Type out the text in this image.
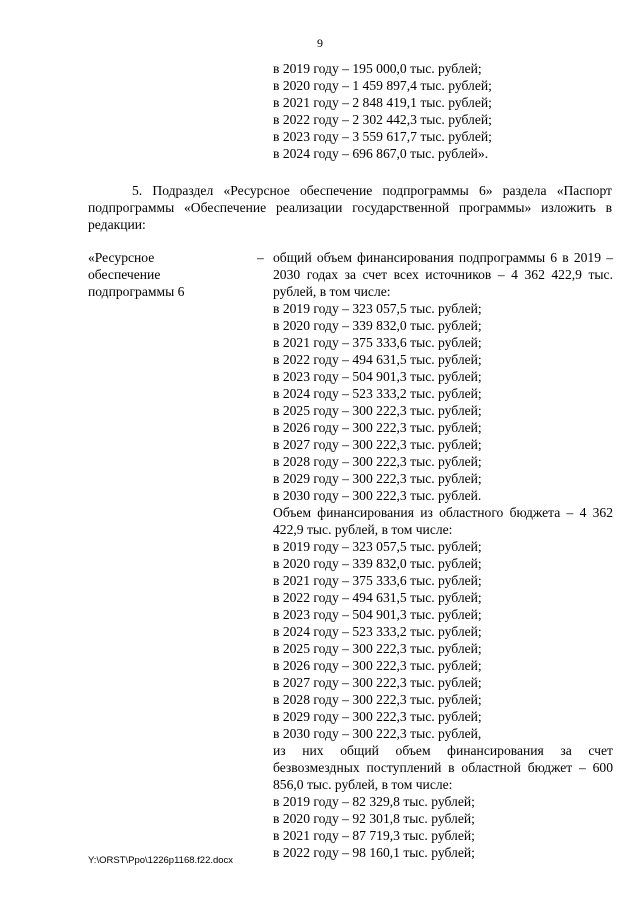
9
в 2019 году – 195 000,0 тыс. рублей;
в 2020 году – 1 459 897,4 тыс. рублей;
в 2021 году – 2 848 419,1 тыс. рублей;
в 2022 году – 2 302 442,3 тыс. рублей;
в 2023 году – 3 559 617,7 тыс. рублей;
в 2024 году – 696 867,0 тыс. рублей».
5. Подраздел «Ресурсное обеспечение подпрограммы 6» раздела «Паспорт подпрограммы «Обеспечение реализации государственной программы» изложить в редакции:
«Ресурсное
обеспечение
подпрограммы 6
– общий объем финансирования подпрограммы 6 в 2019 – 2030 годах за счет всех источников – 4 362 422,9 тыс. рублей, в том числе:
в 2019 году – 323 057,5 тыс. рублей;
в 2020 году – 339 832,0 тыс. рублей;
в 2021 году – 375 333,6 тыс. рублей;
в 2022 году – 494 631,5 тыс. рублей;
в 2023 году – 504 901,3 тыс. рублей;
в 2024 году – 523 333,2 тыс. рублей;
в 2025 году – 300 222,3 тыс. рублей;
в 2026 году – 300 222,3 тыс. рублей;
в 2027 году – 300 222,3 тыс. рублей;
в 2028 году – 300 222,3 тыс. рублей;
в 2029 году – 300 222,3 тыс. рублей;
в 2030 году – 300 222,3 тыс. рублей.
Объем финансирования из областного бюджета – 4 362 422,9 тыс. рублей, в том числе:
в 2019 году – 323 057,5 тыс. рублей;
в 2020 году – 339 832,0 тыс. рублей;
в 2021 году – 375 333,6 тыс. рублей;
в 2022 году – 494 631,5 тыс. рублей;
в 2023 году – 504 901,3 тыс. рублей;
в 2024 году – 523 333,2 тыс. рублей;
в 2025 году – 300 222,3 тыс. рублей;
в 2026 году – 300 222,3 тыс. рублей;
в 2027 году – 300 222,3 тыс. рублей;
в 2028 году – 300 222,3 тыс. рублей;
в 2029 году – 300 222,3 тыс. рублей;
в 2030 году – 300 222,3 тыс. рублей,
из них общий объем финансирования за счет безвозмездных поступлений в областной бюджет – 600 856,0 тыс. рублей, в том числе:
в 2019 году – 82 329,8 тыс. рублей;
в 2020 году – 92 301,8 тыс. рублей;
в 2021 году – 87 719,3 тыс. рублей;
в 2022 году – 98 160,1 тыс. рублей;
Y:\ORST\Ppo\1226p1168.f22.docx
